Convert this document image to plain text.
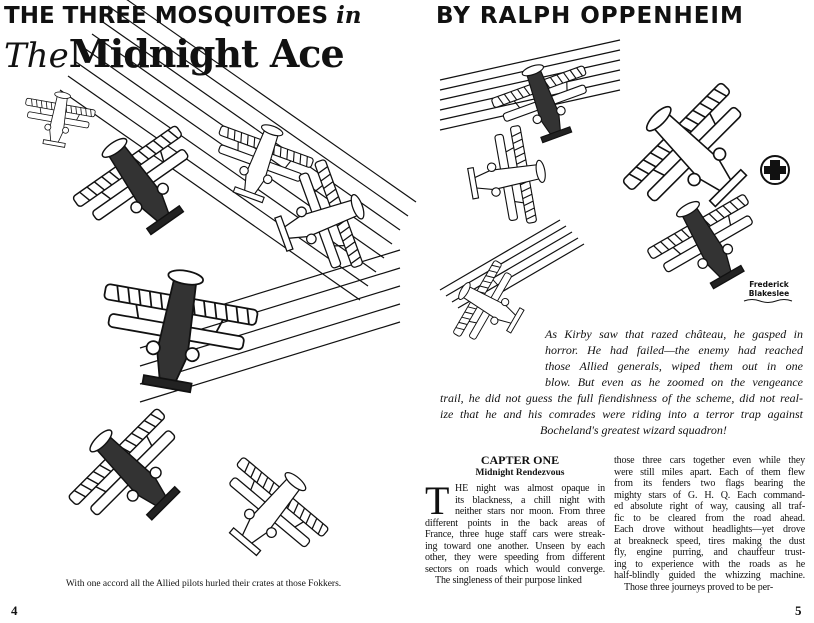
THE THREE MOSQUITOES in
TheMidnight Ace
BY RALPH OPPENHEIM
Frederick Blakeslee
As Kirby saw that razed château, he gasped in
horror. He had failed—the enemy had reached
those Allied generals, wiped them out in one
blow. But even as he zoomed on the vengeance
trail, he did not guess the full fiendishness of the scheme, did not real-
ize that he and his comrades were riding into a terror trap against
Bocheland's greatest wizard squadron!
CAPTER ONE
Midnight Rendezvous
T HE night was almost opaque in
its blackness, a chill night with
neither stars nor moon. From three
different points in the back areas of
France, three huge staff cars were streak-
ing toward one another. Unseen by each
other, they were speeding from different
sectors on roads which would converge.
The singleness of their purpose linked
those three cars together even while they
were still miles apart. Each of them flew
from its fenders two flags bearing the
mighty stars of G. H. Q. Each command-
ed absolute right of way, causing all traf-
fic to be cleared from the road ahead.
Each drove without headlights—yet drove
at breakneck speed, tires making the dust
fly, engine purring, and chauffeur trust-
ing to experience with the roads as he
half-blindly guided the whizzing machine.
Those three journeys proved to be per-
With one accord all the Allied pilots hurled their crates at those Fokkers.
4	5
